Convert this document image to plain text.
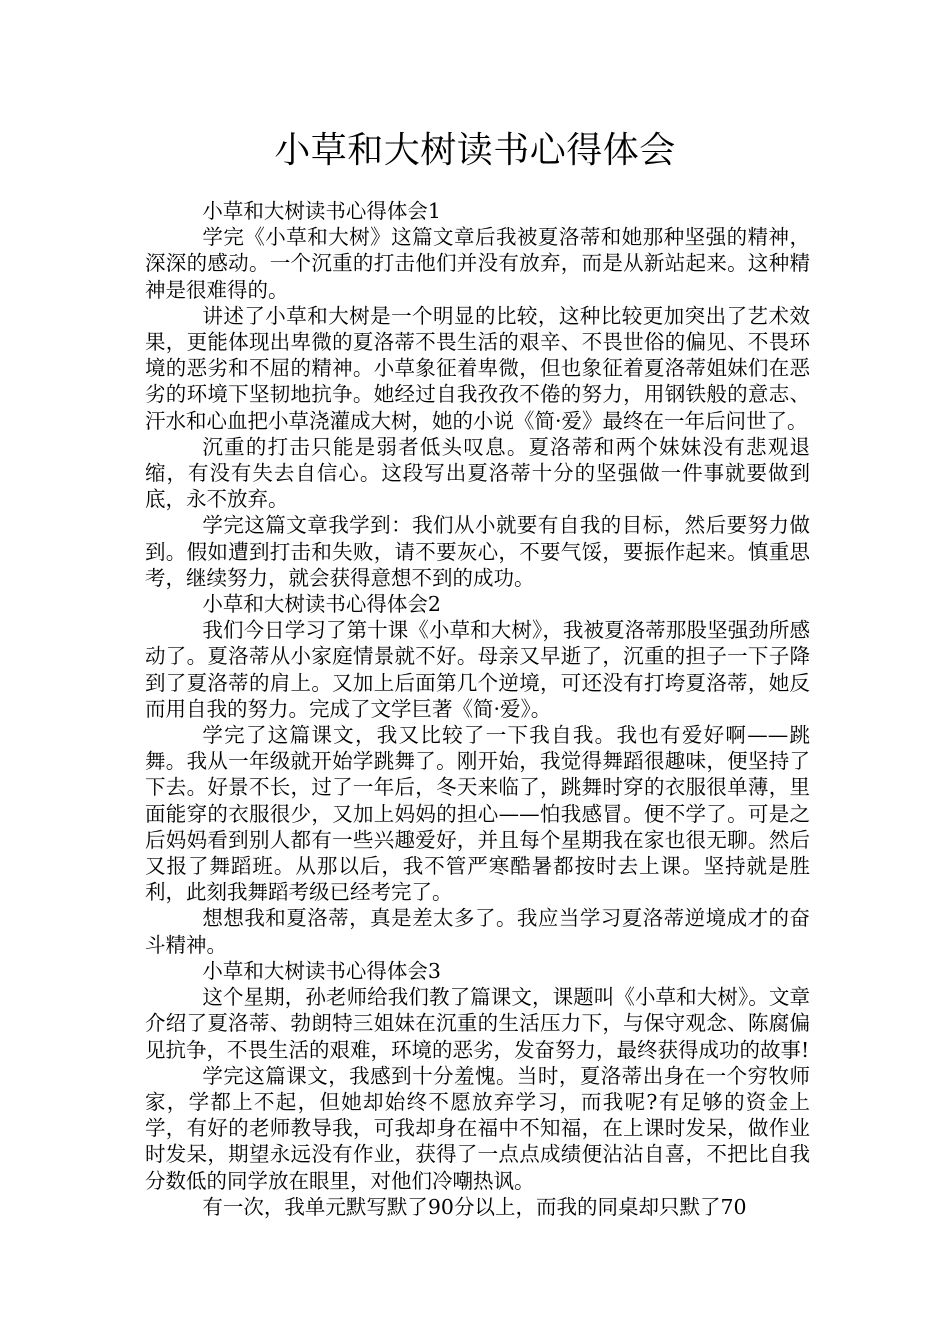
小草和大树读书心得体会

小草和大树读书心得体会1

学完《小草和大树》这篇文章后我被夏洛蒂和她那种坚强的精神，深深的感动。一个沉重的打击他们并没有放弃，而是从新站起来。这种精神是很难得的。

讲述了小草和大树是一个明显的比较，这种比较更加突出了艺术效果，更能体现出卑微的夏洛蒂不畏生活的艰辛、不畏世俗的偏见、不畏环境的恶劣和不屈的精神。小草象征着卑微，但也象征着夏洛蒂姐妹们在恶劣的环境下坚韧地抗争。她经过自我孜孜不倦的努力，用钢铁般的意志、汗水和心血把小草浇灌成大树，她的小说《简·爱》最终在一年后问世了。

沉重的打击只能是弱者低头叹息。夏洛蒂和两个妹妹没有悲观退缩，有没有失去自信心。这段写出夏洛蒂十分的坚强做一件事就要做到底，永不放弃。

学完这篇文章我学到：我们从小就要有自我的目标，然后要努力做到。假如遭到打击和失败，请不要灰心，不要气馁，要振作起来。慎重思考，继续努力，就会获得意想不到的成功。

小草和大树读书心得体会2

我们今日学习了第十课《小草和大树》，我被夏洛蒂那股坚强劲所感动了。夏洛蒂从小家庭情景就不好。母亲又早逝了，沉重的担子一下子降到了夏洛蒂的肩上。又加上后面第几个逆境，可还没有打垮夏洛蒂，她反而用自我的努力。完成了文学巨著《简·爱》。

学完了这篇课文，我又比较了一下我自我。我也有爱好啊——跳舞。我从一年级就开始学跳舞了。刚开始，我觉得舞蹈很趣味，便坚持了下去。好景不长，过了一年后，冬天来临了，跳舞时穿的衣服很单薄，里面能穿的衣服很少，又加上妈妈的担心——怕我感冒。便不学了。可是之后妈妈看到别人都有一些兴趣爱好，并且每个星期我在家也很无聊。然后又报了舞蹈班。从那以后，我不管严寒酷暑都按时去上课。坚持就是胜利，此刻我舞蹈考级已经考完了。

想想我和夏洛蒂，真是差太多了。我应当学习夏洛蒂逆境成才的奋斗精神。

小草和大树读书心得体会3

这个星期，孙老师给我们教了篇课文，课题叫《小草和大树》。文章介绍了夏洛蒂、勃朗特三姐妹在沉重的生活压力下，与保守观念、陈腐偏见抗争，不畏生活的艰难，环境的恶劣，发奋努力，最终获得成功的故事!

学完这篇课文，我感到十分羞愧。当时，夏洛蒂出身在一个穷牧师家，学都上不起，但她却始终不愿放弃学习，而我呢?有足够的资金上学，有好的老师教导我，可我却身在福中不知福，在上课时发呆，做作业时发呆，期望永远没有作业，获得了一点点成绩便沾沾自喜，不把比自我分数低的同学放在眼里，对他们冷嘲热讽。

有一次，我单元默写默了90分以上，而我的同桌却只默了70
